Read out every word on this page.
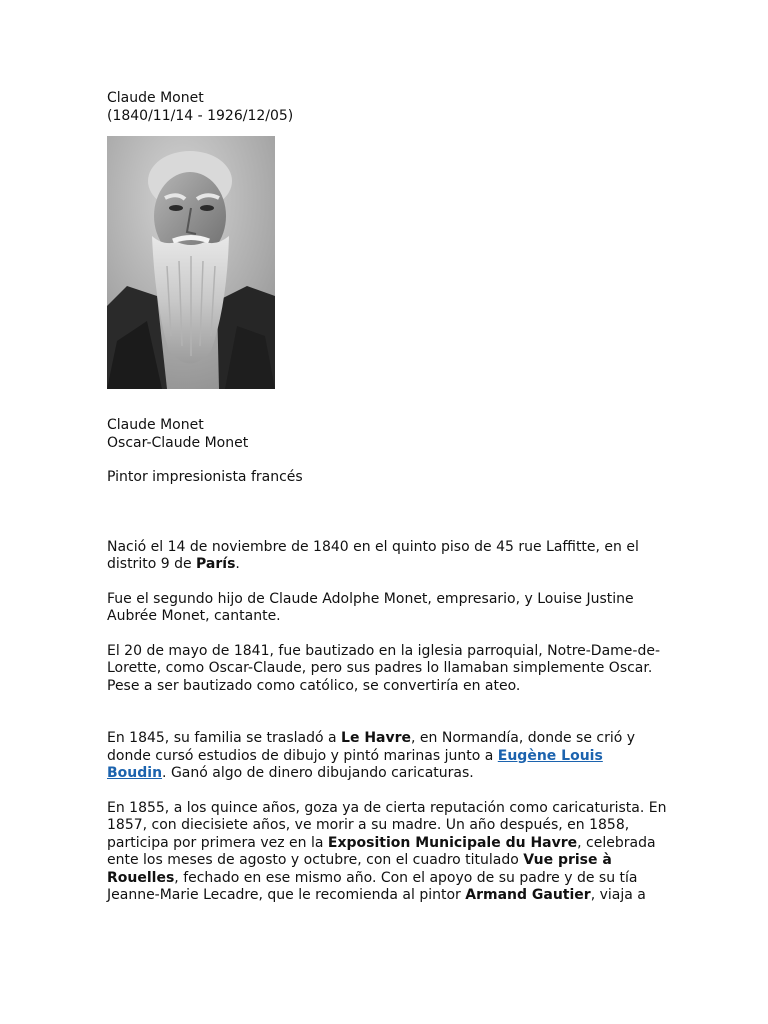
Claude Monet

(1840/11/14 - 1926/12/05)

Claude Monet

Oscar-Claude Monet

Pintor impresionista francés

Nació el 14 de noviembre de 1840 en el quinto piso de 45 rue Laffitte, en el distrito 9 de París.

Fue el segundo hijo de Claude Adolphe Monet, empresario, y Louise Justine Aubrée Monet, cantante.

El 20 de mayo de 1841, fue bautizado en la iglesia parroquial, Notre-Dame-de-Lorette, como Oscar-Claude, pero sus padres lo llamaban simplemente Oscar. Pese a ser bautizado como católico, se convertiría en ateo.

En 1845, su familia se trasladó a Le Havre, en Normandía, donde se crió y donde cursó estudios de dibujo y pintó marinas junto a Eugène Louis Boudin. Ganó algo de dinero dibujando caricaturas.

En 1855, a los quince años, goza ya de cierta reputación como caricaturista. En 1857, con diecisiete años, ve morir a su madre. Un año después, en 1858, participa por primera vez en la Exposition Municipale du Havre, celebrada ente los meses de agosto y octubre, con el cuadro titulado Vue prise à Rouelles, fechado en ese mismo año. Con el apoyo de su padre y de su tía Jeanne-Marie Lecadre, que le recomienda al pintor Armand Gautier, viaja a
